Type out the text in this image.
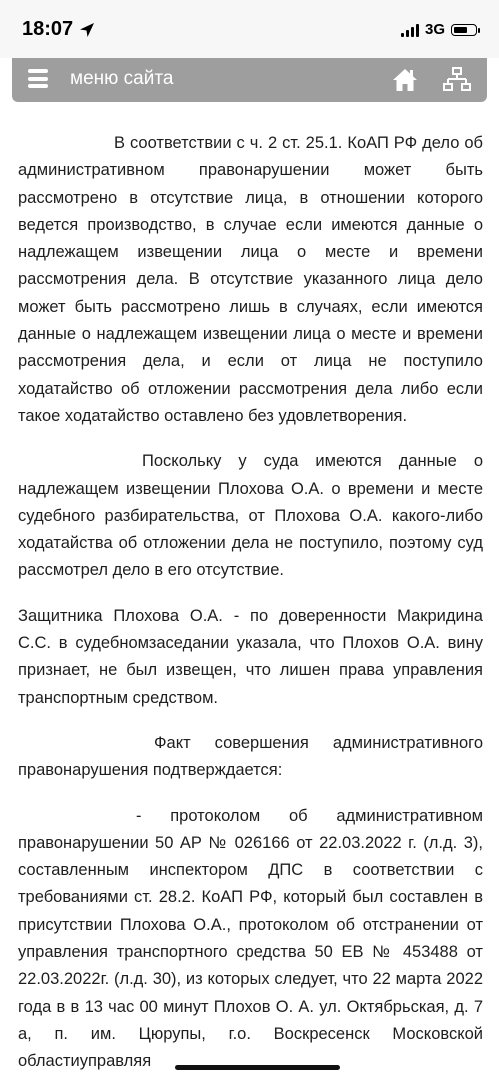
18:07	3G
меню сайта

В соответствии с ч. 2 ст. 25.1. КоАП РФ дело об административном правонарушении может быть рассмотрено в отсутствие лица, в отношении которого ведется производство, в случае если имеются данные о надлежащем извещении лица о месте и времени рассмотрения дела. В отсутствие указанного лица дело может быть рассмотрено лишь в случаях, если имеются данные о надлежащем извещении лица о месте и времени рассмотрения дела, и если от лица не поступило ходатайство об отложении рассмотрения дела либо если такое ходатайство оставлено без удовлетворения.

Поскольку у суда имеются данные о надлежащем извещении Плохова О.А. о времени и месте судебного разбирательства, от Плохова О.А. какого-либо ходатайства об отложении дела не поступило, поэтому суд рассмотрел дело в его отсутствие.

Защитника Плохова О.А. - по доверенности Макридина С.С. в судебномзаседании указала, что Плохов О.А. вину признает, не был извещен, что лишен права управления транспортным средством.

Факт совершения административного правонарушения подтверждается:

- протоколом об административном правонарушении 50 АР № 026166 от 22.03.2022 г. (л.д. 3), составленным инспектором ДПС в соответствии с требованиями ст. 28.2. КоАП РФ, который был составлен в присутствии Плохова О.А., протоколом об отстранении от управления транспортного средства 50 ЕВ № 453488 от 22.03.2022г. (л.д. 30), из которых следует, что 22 марта 2022 года в в 13 час 00 минут Плохов О. А. ул. Октябрьская, д. 7 а, п. им. Цюрупы, г.о. Воскресенск Московской областиуправляя
